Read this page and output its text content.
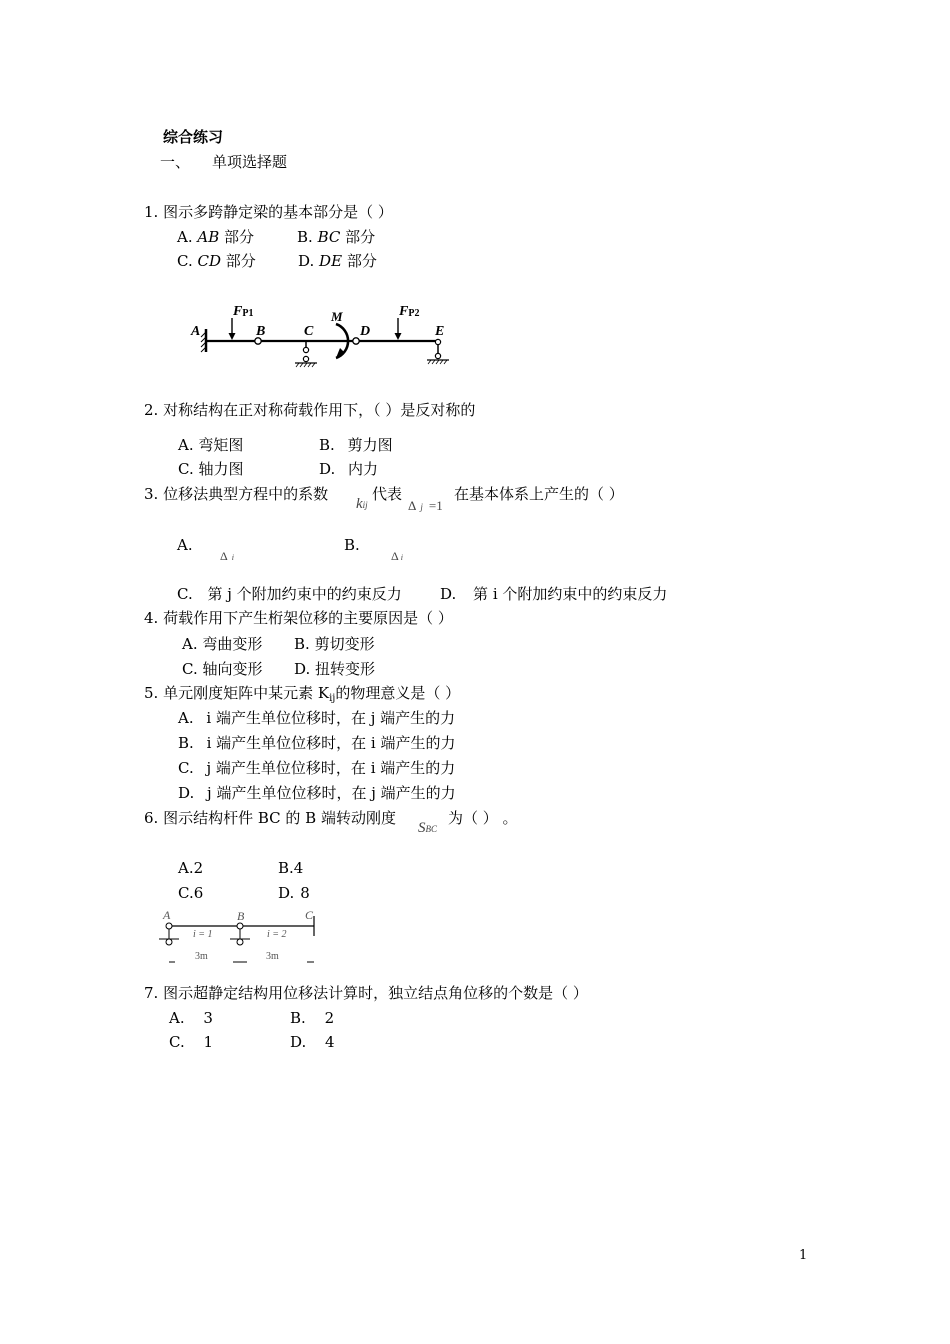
综合练习
一、 单项选择题
1. 图示多跨静定梁的基本部分是（ ）
A. AB 部分	B. BC 部分
C. CD 部分	D. DE 部分
A	B	C	D	E
M
FP1	FP2
2. 对称结构在正对称荷载作用下，（ ）是反对称的
A. 弯矩图	B. 剪力图
C. 轴力图	D. 内力
3. 位移法典型方程中的系数
kij
代表
Δ j =1
在基本体系上产生的（ ）
A.
Δi
B.
Δi
C. 第 j 个附加约束中的约束反力	D. 第 i 个附加约束中的约束反力
4. 荷载作用下产生桁架位移的主要原因是（ ）
A. 弯曲变形 B. 剪切变形
C. 轴向变形 D. 扭转变形
5. 单元刚度矩阵中某元素 $K_{ij}$的物理意义是（ ）
A. i 端产生单位位移时，在 j 端产生的力
B. i 端产生单位位移时，在 i 端产生的力
C. j 端产生单位位移时，在 i 端产生的力
D. j 端产生单位位移时，在 j 端产生的力
6. 图示结构杆件 BC 的 B 端转动刚度
SBC
为（ ） 。
A.2	B.4
C.6	D. 8
A	B	C
i = 1	i = 2
3m	3m
7. 图示超静定结构用位移法计算时，独立结点角位移的个数是（ ）
A. 3	B. 2
C. 1	D. 4
1
